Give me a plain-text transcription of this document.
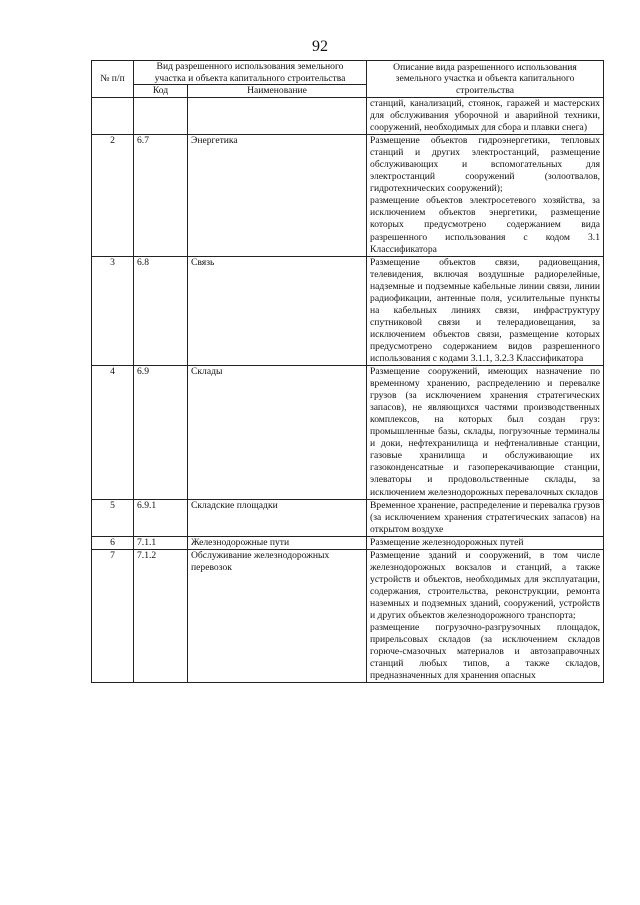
92
№ п/п	Вид разрешенного использования земельного участка и объекта капитального строительства		Описание вида разрешенного использования земельного участка и объекта капитального строительства
	Код	Наименование	

			станций, канализаций, стоянок, гаражей и мастерских для обслуживания уборочной и аварийной техники, сооружений, необходимых для сбора и плавки снега)

2	6.7	Энергетика	Размещение объектов гидроэнергетики, тепловых станций и других электростанций, размещение обслуживающих и вспомогательных для электростанций сооружений (золоотвалов, гидротехнических сооружений);
размещение объектов электросетевого хозяйства, за исключением объектов энергетики, размещение которых предусмотрено содержанием вида разрешенного использования с кодом 3.1 Классификатора

3	6.8	Связь	Размещение объектов связи, радиовещания, телевидения, включая воздушные радиорелейные, надземные и подземные кабельные линии связи, линии радиофикации, антенные поля, усилительные пункты на кабельных линиях связи, инфраструктуру спутниковой связи и телерадиовещания, за исключением объектов связи, размещение которых предусмотрено содержанием видов разрешенного использования с кодами 3.1.1, 3.2.3 Классификатора

4	6.9	Склады	Размещение сооружений, имеющих назначение по временному хранению, распределению и перевалке грузов (за исключением хранения стратегических запасов), не являющихся частями производственных комплексов, на которых был создан груз: промышленные базы, склады, погрузочные терминалы и доки, нефтехранилища и нефтеналивные станции, газовые хранилища и обслуживающие их газоконденсатные и газоперекачивающие станции, элеваторы и продовольственные склады, за исключением железнодорожных перевалочных складов

5	6.9.1	Складские площадки	Временное хранение, распределение и перевалка грузов (за исключением хранения стратегических запасов) на открытом воздухе

6	7.1.1	Железнодорожные пути	Размещение железнодорожных путей

7	7.1.2	Обслуживание железнодорожных перевозок	Размещение зданий и сооружений, в том числе железнодорожных вокзалов и станций, а также устройств и объектов, необходимых для эксплуатации, содержания, строительства, реконструкции, ремонта наземных и подземных зданий, сооружений, устройств и других объектов железнодорожного транспорта;
размещение погрузочно-разгрузочных площадок, прирельсовых складов (за исключением складов горюче-смазочных материалов и автозаправочных станций любых типов, а также складов, предназначенных для хранения опасных
